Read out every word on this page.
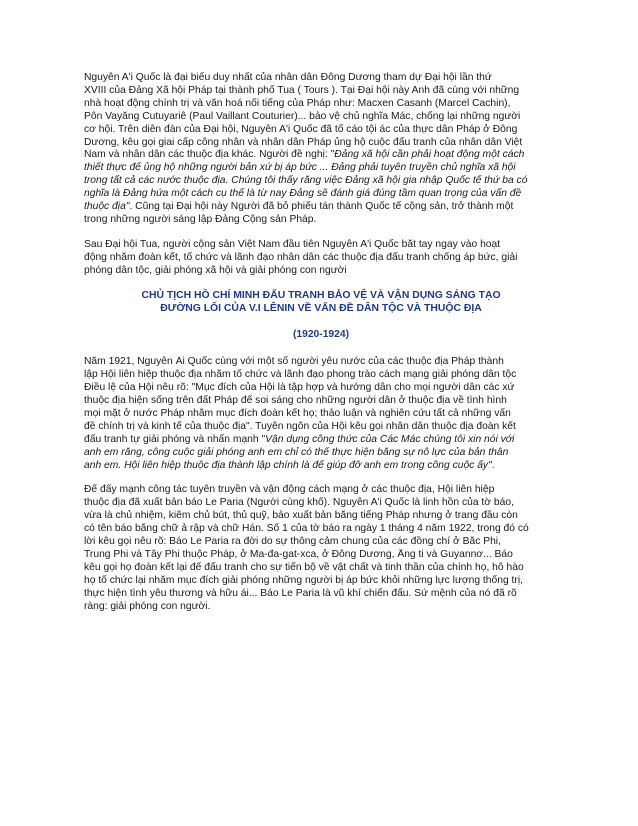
Nguyễn A'i Quốc là đại biểu duy nhất của nhân dân Đông Dương tham dự Đại hội lần thứ
XVIII của Đảng Xã hội Pháp tại thành phố Tua ( Tours ). Tại Đại hội này Anh đã cùng với những
nhà hoạt động chính trị và văn hoá nổi tiếng của Pháp như: Macxen Casanh (Marcel Cachin),
Pôn Vayăng Cutuyariê (Paul Vaillant Couturier)... bảo vệ chủ nghĩa Mác, chống lại những người
cơ hội. Trên diễn đàn của Đại hội, Nguyễn A'i Quốc đã tố cáo tội ác của thực dân Pháp ở Đông
Dương, kêu gọi giai cấp công nhân và nhân dân Pháp ủng hộ cuộc đấu tranh của nhân dân Việt
Nam và nhân dân các thuộc địa khác. Người đề nghị: "Đảng xã hội cần phải hoạt động một cách
thiết thực để ủng hộ những người bản xứ bị áp bức ... Đảng phải tuyên truyền chủ nghĩa xã hội
trong tất cả các nước thuộc địa. Chúng tôi thấy rằng việc Đảng xã hội gia nhập Quốc tế thứ ba có
nghĩa là Đảng hứa một cách cụ thể là từ nay Đảng sẽ đánh giá đúng tầm quan trọng của vấn đề
thuộc địa". Cũng tại Đại hội này Người đã bỏ phiếu tán thành Quốc tế cộng sản, trở thành một
trong những người sáng lập Đảng Cộng sản Pháp.

Sau Đại hội Tua, người cộng sản Việt Nam đầu tiên Nguyễn A'i Quốc bắt tay ngay vào hoạt
động nhằm đoàn kết, tổ chức và lãnh đạo nhân dân các thuộc địa đấu tranh chống áp bức, giải
phóng dân tộc, giải phóng xã hội và giải phóng con người

CHỦ TỊCH HỒ CHÍ MINH ĐẤU TRANH BẢO VỆ VÀ VẬN DỤNG SÁNG TẠO
ĐƯỜNG LỐI CỦA V.I LÊNIN VỀ VẤN ĐỀ DÂN TỘC VÀ THUỘC ĐỊA
(1920-1924)

Năm 1921, Nguyễn Ái Quốc cùng với một số người yêu nước của các thuộc địa Pháp thành
lập Hội liên hiệp thuộc địa nhằm tổ chức và lãnh đạo phong trào cách mạng giải phóng dân tộc
Điều lệ của Hội nêu rõ: "Mục đích của Hội là tập hợp và hướng dẫn cho mọi người dân các xứ
thuộc địa hiện sống trên đất Pháp để soi sáng cho những người dân ở thuộc địa về tình hình
mọi mặt ở nước Pháp nhằm mục đích đoàn kết họ; thảo luận và nghiên cứu tất cả những vấn
đề chính trị và kinh tế của thuộc địa". Tuyên ngôn của Hội kêu gọi nhân dân thuộc địa đoàn kết
đấu tranh tự giải phóng và nhấn mạnh "Vận dụng công thức của Các Mác chúng tôi xin nói với
anh em rằng, công cuộc giải phóng anh em chỉ có thể thực hiện bằng sự nỗ lực của bản thân
anh em. Hội liên hiệp thuộc địa thành lập chính là để giúp đỡ anh em trong công cuộc ấy".

Để đẩy mạnh công tác tuyên truyền và vận động cách mạng ở các thuộc địa, Hội liên hiệp
thuộc địa đã xuất bản báo Le Paria (Người cùng khổ). Nguyễn A'i Quốc là linh hồn của tờ báo,
vừa là chủ nhiệm, kiêm chủ bút, thủ quỹ, bảo xuất bản bằng tiếng Pháp nhưng ở trang đầu còn
có tên báo bằng chữ ả rập và chữ Hán. Số 1 của tờ báo ra ngày 1 tháng 4 năm 1922, trong đó có
lời kêu gọi nêu rõ: Báo Le Paria ra đời do sự thông cảm chung của các đồng chí ở Bắc Phi,
Trung Phi và Tây Phi thuộc Pháp, ở Ma-đa-gat-xca, ở Đông Dương, Ấng ti và Guyannơ... Báo
kêu gọi họ đoàn kết lại để đấu tranh cho sự tiến bộ về vật chất và tinh thần của chính họ, hỗ hào
họ tổ chức lại nhằm mục đích giải phóng những người bị áp bức khỏi những lực lượng thống trị,
thực hiện tình yêu thương và hữu ái... Báo Le Paria là vũ khí chiến đấu. Sứ mệnh của nó đã rõ
ràng: giải phóng con người.
